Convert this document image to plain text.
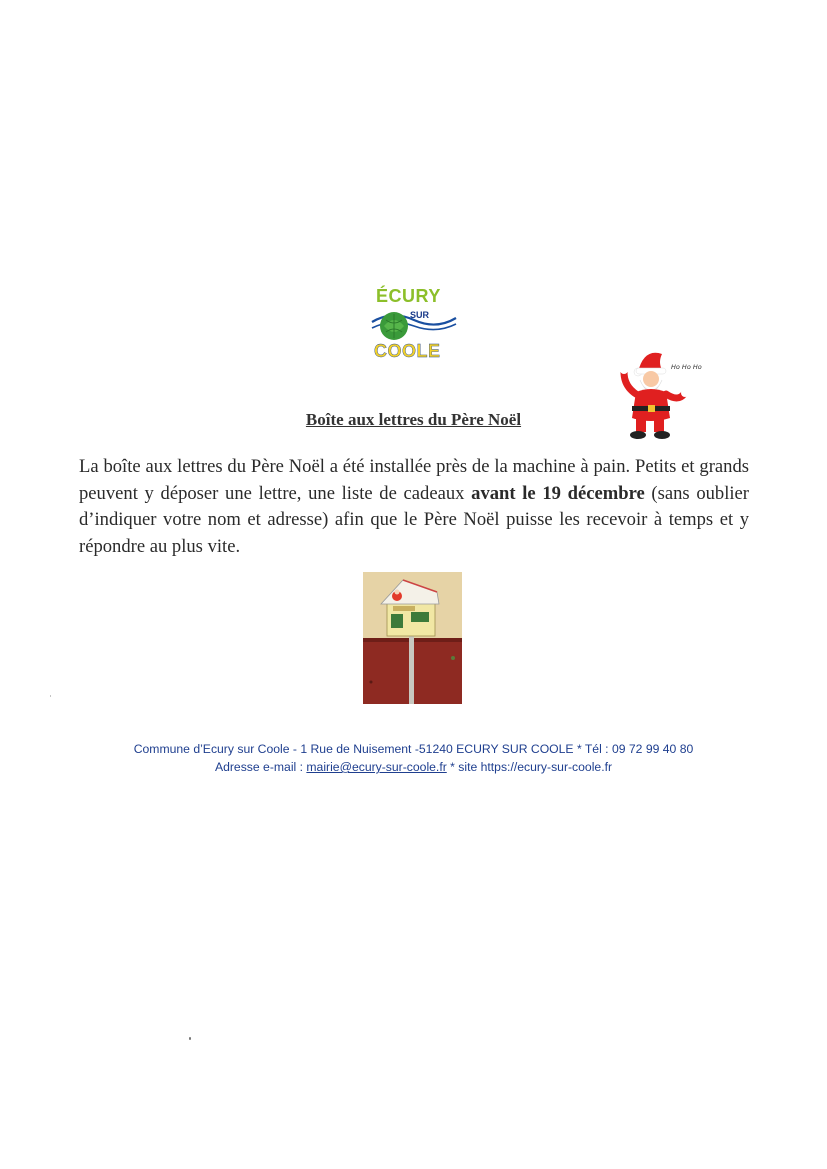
ÉCURY
SUR
COOLE
Ho Ho Ho
Boîte aux lettres du Père Noël
La boîte aux lettres du Père Noël a été installée près de la machine à pain. Petits et grands peuvent y déposer une lettre, une liste de cadeaux avant le 19 décembre (sans oublier d’indiquer votre nom et adresse) afin que le Père Noël puisse les recevoir à temps et y répondre au plus vite.
Commune d’Ecury sur Coole - 1 Rue de Nuisement -51240 ECURY SUR COOLE * Tél : 09 72 99 40 80
Adresse e-mail : mairie@ecury-sur-coole.fr * site https://ecury-sur-coole.fr
